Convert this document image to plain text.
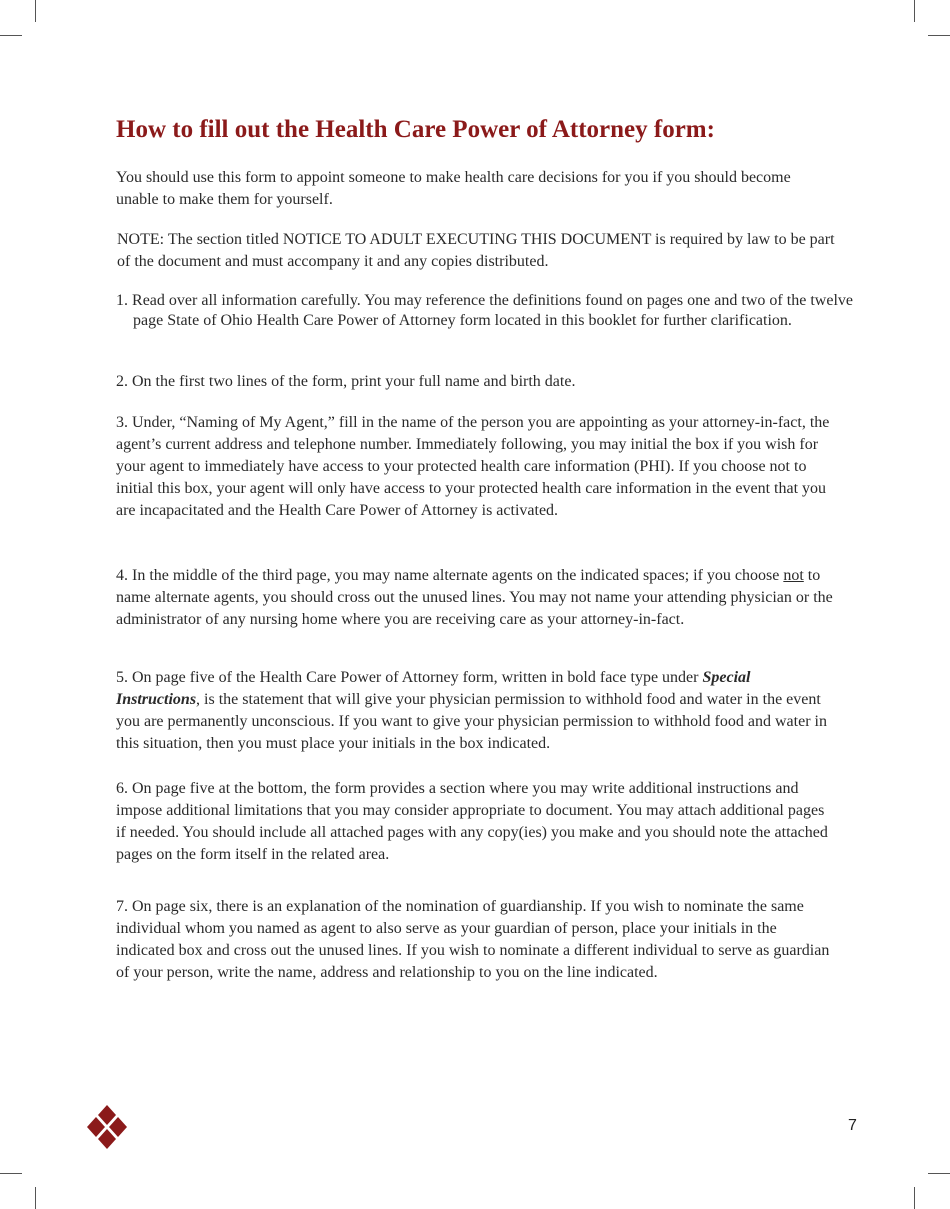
How to fill out the Health Care Power of Attorney form:

You should use this form to appoint someone to make health care decisions for you if you should become unable to make them for yourself.

NOTE: The section titled NOTICE TO ADULT EXECUTING THIS DOCUMENT is required by law to be part of the document and must accompany it and any copies distributed.

1. Read over all information carefully. You may reference the definitions found on pages one and two of the twelve page State of Ohio Health Care Power of Attorney form located in this booklet for further clarification.

2. On the first two lines of the form, print your full name and birth date.

3. Under, “Naming of My Agent,” fill in the name of the person you are appointing as your attorney-in-fact, the agent’s current address and telephone number. Immediately following, you may initial the box if you wish for your agent to immediately have access to your protected health care information (PHI). If you choose not to initial this box, your agent will only have access to your protected health care information in the event that you are incapacitated and the Health Care Power of Attorney is activated.

4. In the middle of the third page, you may name alternate agents on the indicated spaces; if you choose not to name alternate agents, you should cross out the unused lines. You may not name your attending physician or the administrator of any nursing home where you are receiving care as your attorney-in-fact.

5. On page five of the Health Care Power of Attorney form, written in bold face type under Special Instructions, is the statement that will give your physician permission to withhold food and water in the event you are permanently unconscious. If you want to give your physician permission to withhold food and water in this situation, then you must place your initials in the box indicated.

6. On page five at the bottom, the form provides a section where you may write additional instructions and impose additional limitations that you may consider appropriate to document. You may attach additional pages if needed. You should include all attached pages with any copy(ies) you make and you should note the attached pages on the form itself in the related area.

7. On page six, there is an explanation of the nomination of guardianship. If you wish to nominate the same individual whom you named as agent to also serve as your guardian of person, place your initials in the indicated box and cross out the unused lines. If you wish to nominate a different individual to serve as guardian of your person, write the name, address and relationship to you on the line indicated.

7
